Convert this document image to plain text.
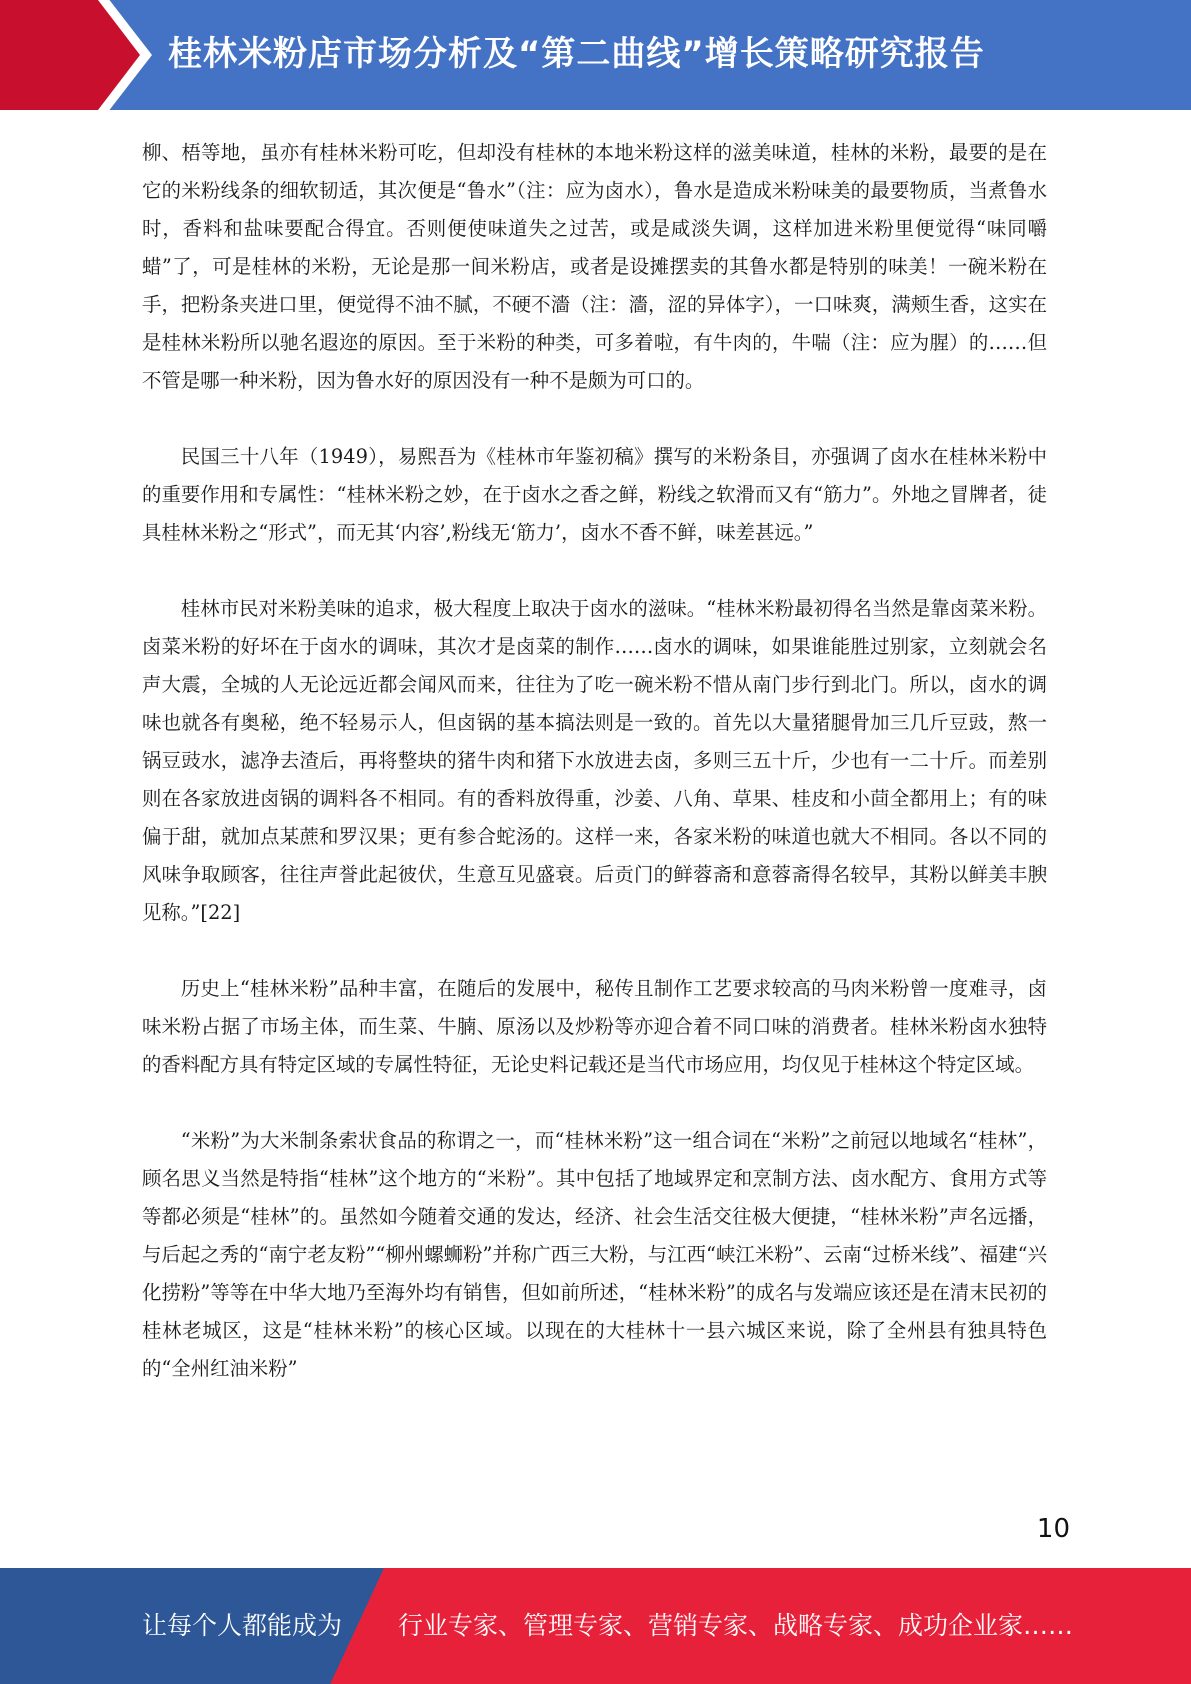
桂林米粉店市场分析及“第二曲线”增长策略研究报告

柳、梧等地，虽亦有桂林米粉可吃，但却没有桂林的本地米粉这样的滋美味道，桂林的米粉，最要的是在它的米粉线条的细软韧适，其次便是“鲁水”（注：应为卤水），鲁水是造成米粉味美的最要物质，当煮鲁水时，香料和盐味要配合得宜。否则便使味道失之过苦，或是咸淡失调，这样加进米粉里便觉得“味同嚼蜡”了，可是桂林的米粉，无论是那一间米粉店，或者是设摊摆卖的其鲁水都是特别的味美！一碗米粉在手，把粉条夹进口里，便觉得不油不腻，不硬不濇（注：濇，涩的异体字），一口味爽，满颊生香，这实在是桂林米粉所以驰名遐迩的原因。至于米粉的种类，可多着啦，有牛肉的，牛喘（注：应为腥）的……但不管是哪一种米粉，因为鲁水好的原因没有一种不是颇为可口的。

民国三十八年（1949），易熙吾为《桂林市年鉴初稿》撰写的米粉条目，亦强调了卤水在桂林米粉中的重要作用和专属性：“桂林米粉之妙，在于卤水之香之鲜，粉线之软滑而又有“筋力”。外地之冒牌者，徒具桂林米粉之“形式”，而无其‘内容’,粉线无‘筋力’，卤水不香不鲜，味差甚远。”

桂林市民对米粉美味的追求，极大程度上取决于卤水的滋味。“桂林米粉最初得名当然是靠卤菜米粉。卤菜米粉的好坏在于卤水的调味，其次才是卤菜的制作……卤水的调味，如果谁能胜过别家，立刻就会名声大震，全城的人无论远近都会闻风而来，往往为了吃一碗米粉不惜从南门步行到北门。所以，卤水的调味也就各有奥秘，绝不轻易示人，但卤锅的基本搞法则是一致的。首先以大量猪腿骨加三几斤豆豉，熬一锅豆豉水，滤净去渣后，再将整块的猪牛肉和猪下水放进去卤，多则三五十斤，少也有一二十斤。而差别则在各家放进卤锅的调料各不相同。有的香料放得重，沙姜、八角、草果、桂皮和小茴全都用上；有的味偏于甜，就加点某蔗和罗汉果；更有参合蛇汤的。这样一来，各家米粉的味道也就大不相同。各以不同的风味争取顾客，往往声誉此起彼伏，生意互见盛衰。后贡门的鲜蓉斋和意蓉斋得名较早，其粉以鲜美丰腴见称。”[22]

历史上“桂林米粉”品种丰富，在随后的发展中，秘传且制作工艺要求较高的马肉米粉曾一度难寻，卤味米粉占据了市场主体，而生菜、牛腩、原汤以及炒粉等亦迎合着不同口味的消费者。桂林米粉卤水独特的香料配方具有特定区域的专属性特征，无论史料记载还是当代市场应用，均仅见于桂林这个特定区域。

“米粉”为大米制条索状食品的称谓之一，而“桂林米粉”这一组合词在“米粉”之前冠以地域名“桂林”，顾名思义当然是特指“桂林”这个地方的“米粉”。其中包括了地域界定和烹制方法、卤水配方、食用方式等等都必须是“桂林”的。虽然如今随着交通的发达，经济、社会生活交往极大便捷，“桂林米粉”声名远播，与后起之秀的“南宁老友粉”“柳州螺蛳粉”并称广西三大粉，与江西“峡江米粉”、云南“过桥米线”、福建“兴化捞粉”等等在中华大地乃至海外均有销售，但如前所述，“桂林米粉”的成名与发端应该还是在清末民初的桂林老城区，这是“桂林米粉”的核心区域。以现在的大桂林十一县六城区来说，除了全州县有独具特色的“全州红油米粉”

10
让每个人都能成为 行业专家、管理专家、营销专家、战略专家、成功企业家……
